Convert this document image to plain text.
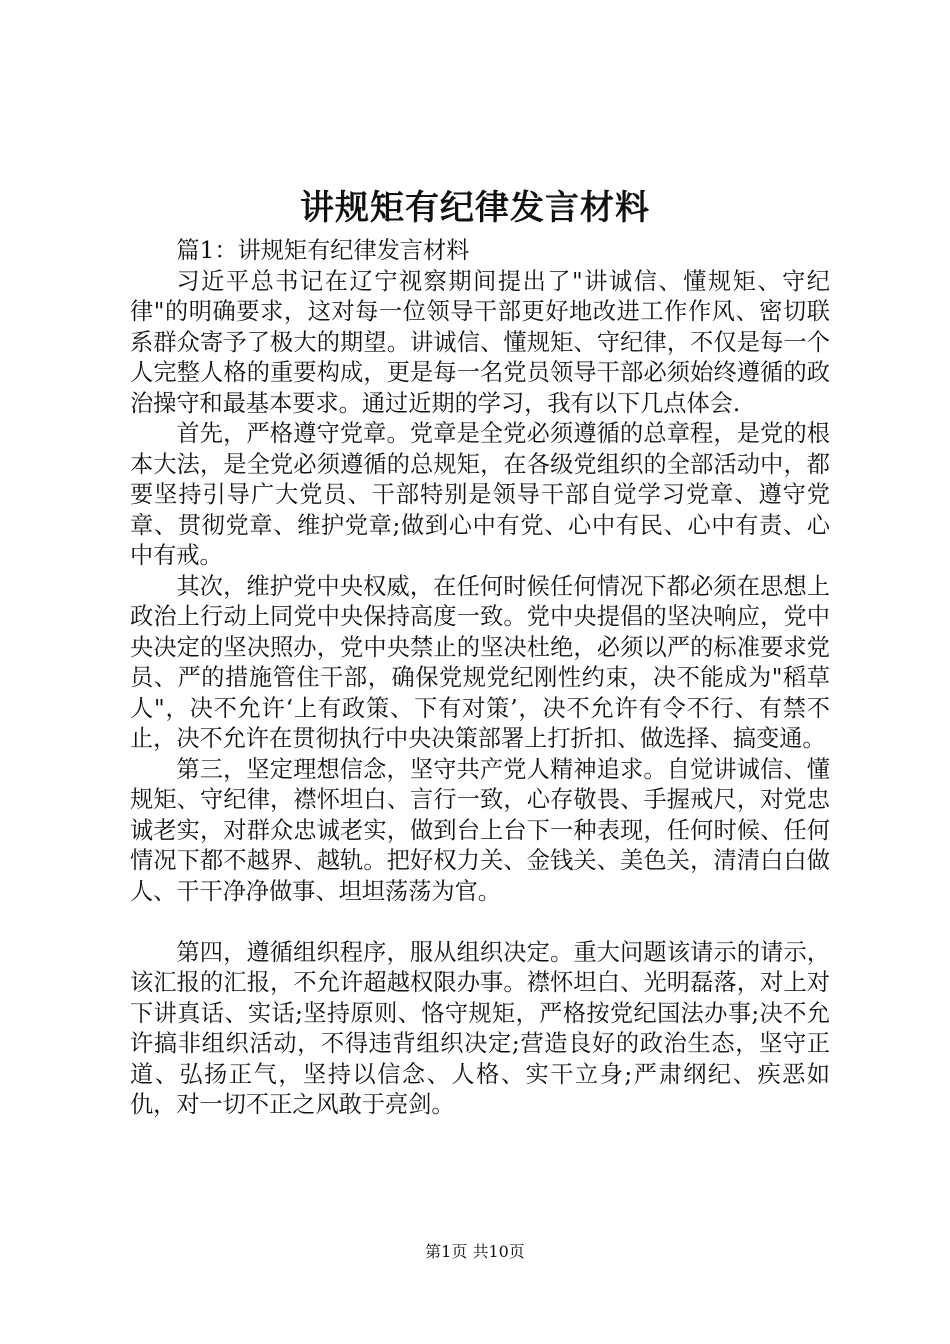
讲规矩有纪律发言材料

篇1：讲规矩有纪律发言材料

习近平总书记在辽宁视察期间提出了"讲诚信、懂规矩、守纪律"的明确要求，这对每一位领导干部更好地改进工作作风、密切联系群众寄予了极大的期望。讲诚信、懂规矩、守纪律，不仅是每一个人完整人格的重要构成，更是每一名党员领导干部必须始终遵循的政治操守和最基本要求。通过近期的学习，我有以下几点体会.

首先，严格遵守党章。党章是全党必须遵循的总章程，是党的根本大法，是全党必须遵循的总规矩，在各级党组织的全部活动中，都要坚持引导广大党员、干部特别是领导干部自觉学习党章、遵守党章、贯彻党章、维护党章;做到心中有党、心中有民、心中有责、心中有戒。

其次，维护党中央权威，在任何时候任何情况下都必须在思想上政治上行动上同党中央保持高度一致。党中央提倡的坚决响应，党中央决定的坚决照办，党中央禁止的坚决杜绝，必须以严的标准要求党员、严的措施管住干部，确保党规党纪刚性约束，决不能成为"稻草人"，决不允许‘上有政策、下有对策’，决不允许有令不行、有禁不止，决不允许在贯彻执行中央决策部署上打折扣、做选择、搞变通。

第三，坚定理想信念，坚守共产党人精神追求。自觉讲诚信、懂规矩、守纪律，襟怀坦白、言行一致，心存敬畏、手握戒尺，对党忠诚老实，对群众忠诚老实，做到台上台下一种表现，任何时候、任何情况下都不越界、越轨。把好权力关、金钱关、美色关，清清白白做人、干干净净做事、坦坦荡荡为官。

第四，遵循组织程序，服从组织决定。重大问题该请示的请示，该汇报的汇报，不允许超越权限办事。襟怀坦白、光明磊落，对上对下讲真话、实话;坚持原则、恪守规矩，严格按党纪国法办事;决不允许搞非组织活动，不得违背组织决定;营造良好的政治生态，坚守正道、弘扬正气，坚持以信念、人格、实干立身;严肃纲纪、疾恶如仇，对一切不正之风敢于亮剑。

第1页 共10页
